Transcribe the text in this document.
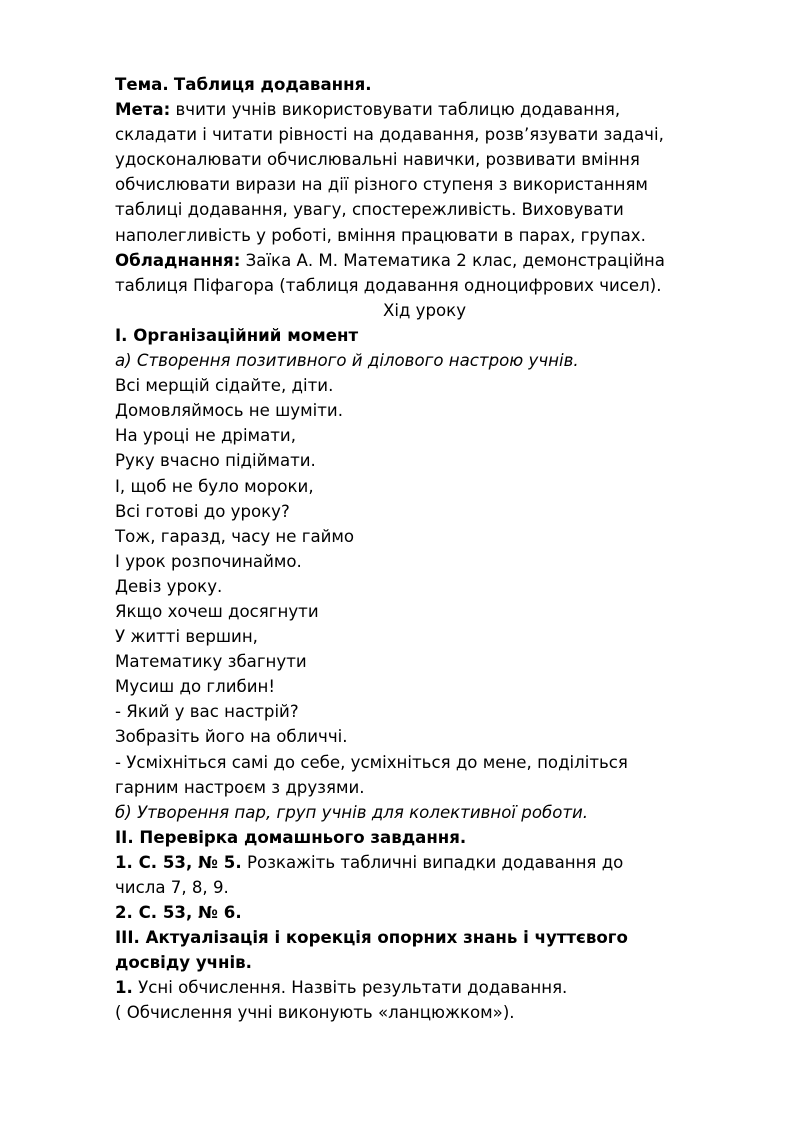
Тема. Таблиця додавання.
Мета: вчити учнів використовувати таблицю додавання,
складати і читати рівності на додавання, розв’язувати задачі,
удосконалювати обчислювальні навички, розвивати вміння
обчислювати вирази на дії різного ступеня з використанням
таблиці додавання, увагу, спостережливість. Виховувати
наполегливість у роботі, вміння працювати в парах, групах.
Обладнання: Заїка А. М. Математика 2 клас, демонстраційна
таблиця Піфагора (таблиця додавання одноцифрових чисел).
Хід уроку
І. Організаційний момент
а) Створення позитивного й ділового настрою учнів.
Всі мерщій сідайте, діти.
Домовляймось не шуміти.
На уроці не дрімати,
Руку вчасно підіймати.
І, щоб не було мороки,
Всі готові до уроку?
Тож, гаразд, часу не гаймо
І урок розпочинаймо.
Девіз уроку.
Якщо хочеш досягнути
У житті вершин,
Математику збагнути
Мусиш до глибин!
- Який у вас настрій?
Зобразіть його на обличчі.
- Усміхніться самі до себе, усміхніться до мене, поділіться
гарним настроєм з друзями.
б) Утворення пар, груп учнів для колективної роботи.
ІІ. Перевірка домашнього завдання.
1. С. 53, № 5. Розкажіть табличні випадки додавання до
числа 7, 8, 9.
2. С. 53, № 6.
ІІІ. Актуалізація і корекція опорних знань і чуттєвого
досвіду учнів.
1. Усні обчислення. Назвіть результати додавання.
( Обчислення учні виконують «ланцюжком»).
